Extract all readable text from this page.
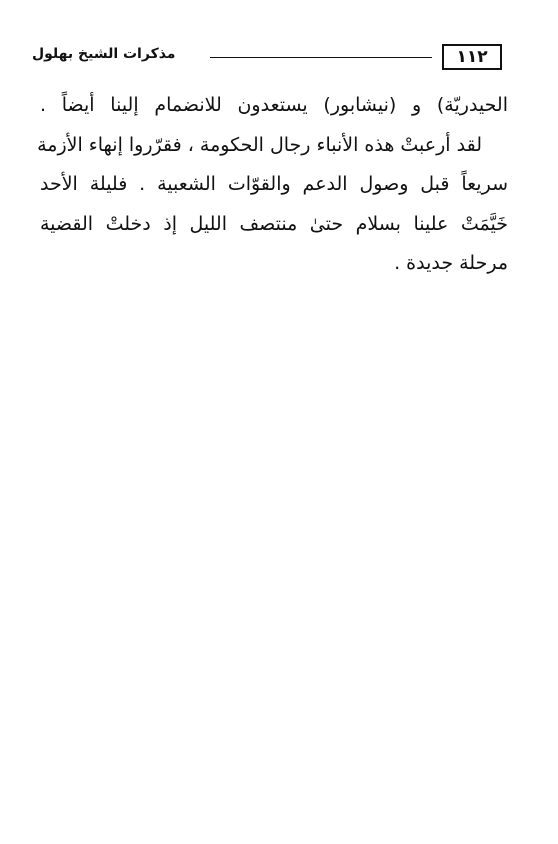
١١٢
مذكرات الشيخ بهلول
الحيدريّة) و (نيشابور) يستعدون للانضمام إلينا أيضاً .
لقد أرعبتْ هذه الأنباء رجال الحكومة ، فقرّروا إنهاء الأزمة
سريعاً قبل وصول الدعم والقوّات الشعبية . فليلة الأحد
خَيَّمَتْ علينا بسلام حتىٰ منتصف الليل إذ دخلتْ القضية
مرحلة جديدة .
